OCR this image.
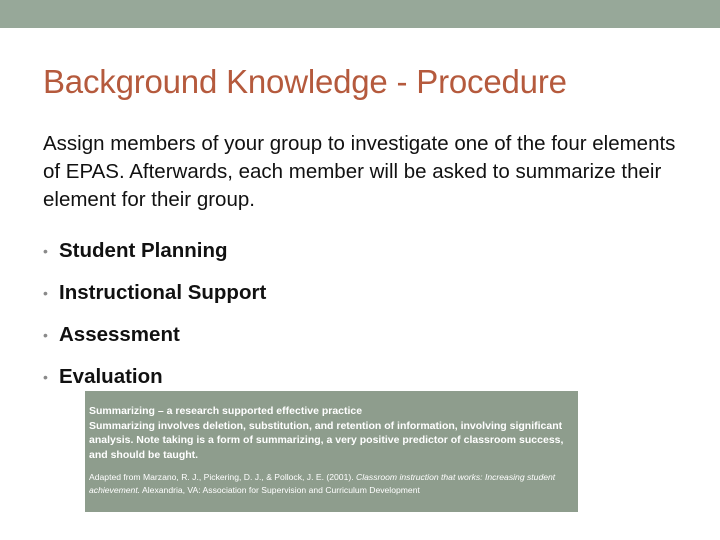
Background Knowledge - Procedure

Assign members of your group to investigate one of the four elements of EPAS. Afterwards, each member will be asked to summarize their element for their group.

• Student Planning
• Instructional Support
• Assessment
• Evaluation

Summarizing – a research supported effective practice

Summarizing involves deletion, substitution, and retention of information, involving significant analysis. Note taking is a form of summarizing, a very positive predictor of classroom success, and should be taught.

Adapted from Marzano, R. J., Pickering, D. J., & Pollock, J. E. (2001). Classroom instruction that works: Increasing student achievement. Alexandria, VA: Association for Supervision and Curriculum Development
